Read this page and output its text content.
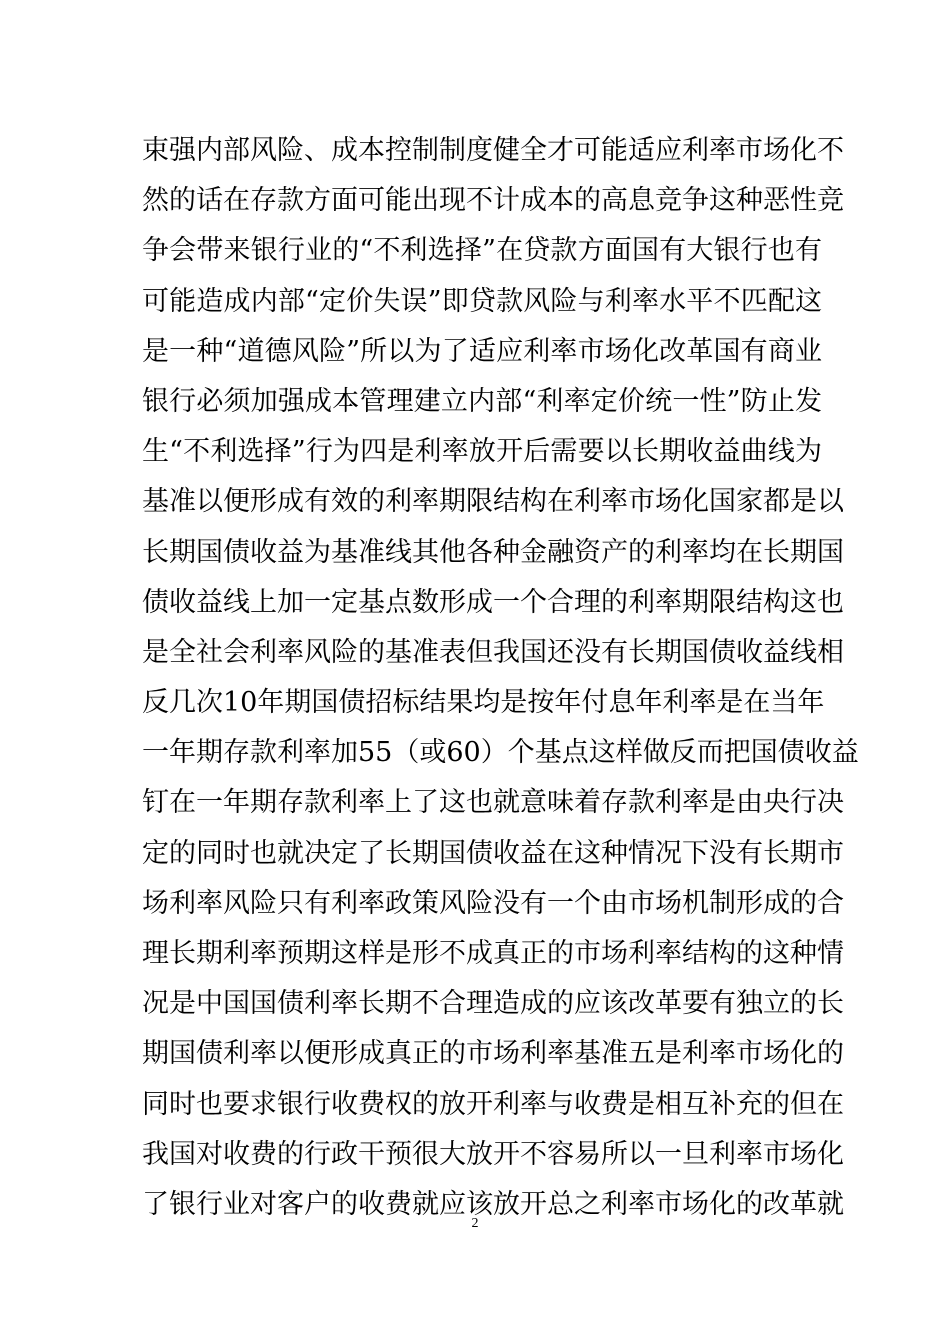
束强内部风险、成本控制制度健全才可能适应利率市场化不
然的话在存款方面可能出现不计成本的高息竞争这种恶性竞
争会带来银行业的“不利选择”在贷款方面国有大银行也有
可能造成内部“定价失误”即贷款风险与利率水平不匹配这
是一种“道德风险”所以为了适应利率市场化改革国有商业
银行必须加强成本管理建立内部“利率定价统一性”防止发
生“不利选择”行为四是利率放开后需要以长期收益曲线为
基准以便形成有效的利率期限结构在利率市场化国家都是以
长期国债收益为基准线其他各种金融资产的利率均在长期国
债收益线上加一定基点数形成一个合理的利率期限结构这也
是全社会利率风险的基准表但我国还没有长期国债收益线相
反几次10年期国债招标结果均是按年付息年利率是在当年
一年期存款利率加55（或60）个基点这样做反而把国债收益
钉在一年期存款利率上了这也就意味着存款利率是由央行决
定的同时也就决定了长期国债收益在这种情况下没有长期市
场利率风险只有利率政策风险没有一个由市场机制形成的合
理长期利率预期这样是形不成真正的市场利率结构的这种情
况是中国国债利率长期不合理造成的应该改革要有独立的长
期国债利率以便形成真正的市场利率基准五是利率市场化的
同时也要求银行收费权的放开利率与收费是相互补充的但在
我国对收费的行政干预很大放开不容易所以一旦利率市场化
了银行业对客户的收费就应该放开总之利率市场化的改革就
2
